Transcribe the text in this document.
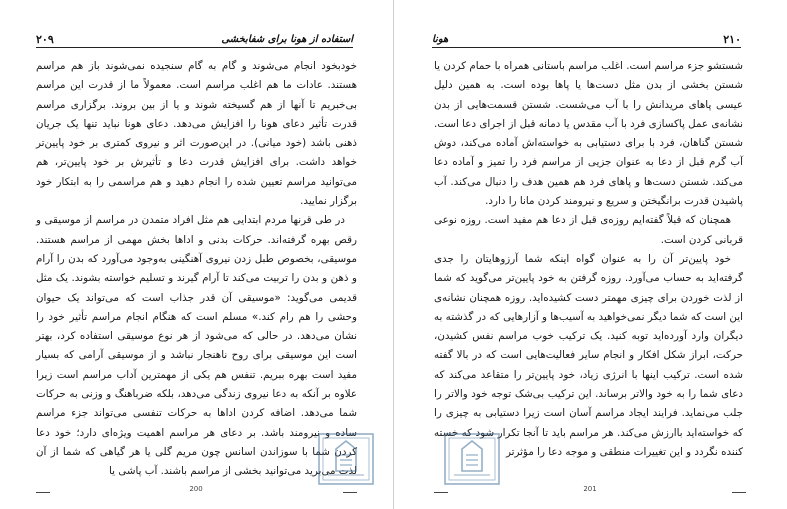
۲۰۹	استفاده از هونا برای شفابخشی

خودبخود انجام می‌شوند و گام به گام سنجیده نمی‌شوند باز هم مراسم هستند. عادات ما هم اغلب مراسم است. معمولاً ما از قدرت این مراسم بی‌خبریم تا آنها از هم گسیخته شوند و یا از بین بروند. برگزاری مراسم قدرت تأثیر دعای هونا را افزایش می‌دهد. دعای هونا نباید تنها یک جریان ذهنی باشد (خود میانی). در این‌صورت اثر و نیروی کمتری بر خود پایین‌تر خواهد داشت. برای افزایش قدرت دعا و تأثیرش بر خود پایین‌تر، هم می‌توانید مراسم تعیین شده را انجام دهید و هم مراسمی را به ابتکار خود برگزار نمایید.

در طی قرنها مردم ابتدایی هم مثل افراد متمدن در مراسم از موسیقی و رقص بهره گرفته‌اند. حرکات بدنی و اداها بخش مهمی از مراسم هستند. موسیقی، بخصوص طبل زدن نیروی آهنگینی به‌وجود می‌آورد که بدن را آرام و ذهن و بدن را تربیت می‌کند تا آرام گیرند و تسلیم خواسته بشوند. یک مثل قدیمی می‌گوید: «موسیقی آن قدر جذاب است که می‌تواند یک حیوان وحشی را هم رام کند.» مسلم است که هنگام انجام مراسم تأثیر خود را نشان می‌دهد. در حالی که می‌شود از هر نوع موسیقی استفاده کرد، بهتر است این موسیقی برای روح ناهنجار نباشد و از موسیقی آرامی که بسیار مفید است بهره ببریم. تنفس هم یکی از مهمترین آداب مراسم است زیرا علاوه بر آنکه به دعا نیروی زندگی می‌دهد، بلکه ضرباهنگ و وزنی به حرکات شما می‌دهد. اضافه کردن اداها به حرکات تنفسی می‌تواند جزء مراسم ساده و نیرومند باشد. بر دعای هر مراسم اهمیت ویژه‌ای دارد؛ خود دعا کردن شما با سوزاندن اسانس چون مریم گلی یا هر گیاهی که شما از آن لذت می‌برید می‌توانید بخشی از مراسم باشند. آب پاشی یا

200
۲۱۰
هونا

شستشو جزء مراسم است. اغلب مراسم باستانی همراه با حمام کردن یا شستن بخشی از بدن مثل دست‌ها یا پاها بوده است. به همین دلیل عیسی پاهای مریدانش را با آب می‌شست. شستن قسمت‌هایی از بدن نشانه‌ی عمل پاکسازی فرد با آب مقدس یا دمانه قبل از اجرای دعا است. شستن گناهان، فرد با برای دستیابی به خواسته‌اش آماده می‌کند، دوش آب گرم قبل از دعا به عنوان جزیی از مراسم فرد را تمیز و آماده دعا می‌کند. شستن دست‌ها و پاهای فرد هم همین هدف را دنبال می‌کند. آب پاشیدن قدرت برانگیختن و سریع و نیرومند کردن مانا را دارد.

همچنان که قبلاً گفته‌ایم روزه‌ی قبل از دعا هم مفید است. روزه نوعی قربانی کردن است.

خود پایین‌تر آن را به عنوان گواه اینکه شما آرزوهایتان را جدی گرفته‌اید به حساب می‌آورد. روزه گرفتن به خود پایین‌تر می‌گوید که شما از لذت خوردن برای چیزی مهمتر دست کشیده‌اید. روزه همچنان نشانه‌ی این است که شما دیگر نمی‌خواهید به آسیب‌ها و آزارهایی که در گذشته به دیگران وارد آورده‌اید توبه کنید. یک ترکیب خوب مراسم نفس کشیدن، حرکت، ابراز شکل افکار و انجام سایر فعالیت‌هایی است که در بالا گفته شده است. ترکیب اینها با انرژی زیاد، خود پایین‌تر را متقاعد می‌کند که دعای شما را به خود والاتر برساند. این ترکیب بی‌شک توجه خود والاتر را جلب می‌نماید. فرایند ایجاد مراسم آسان است زیرا دستیابی به چیزی را که خواسته‌اید باارزش می‌کند. هر مراسم باید تا آنجا تکرار شود که خسته کننده نگردد و این تغییرات منطقی و موجه دعا را مؤثرتر

201
